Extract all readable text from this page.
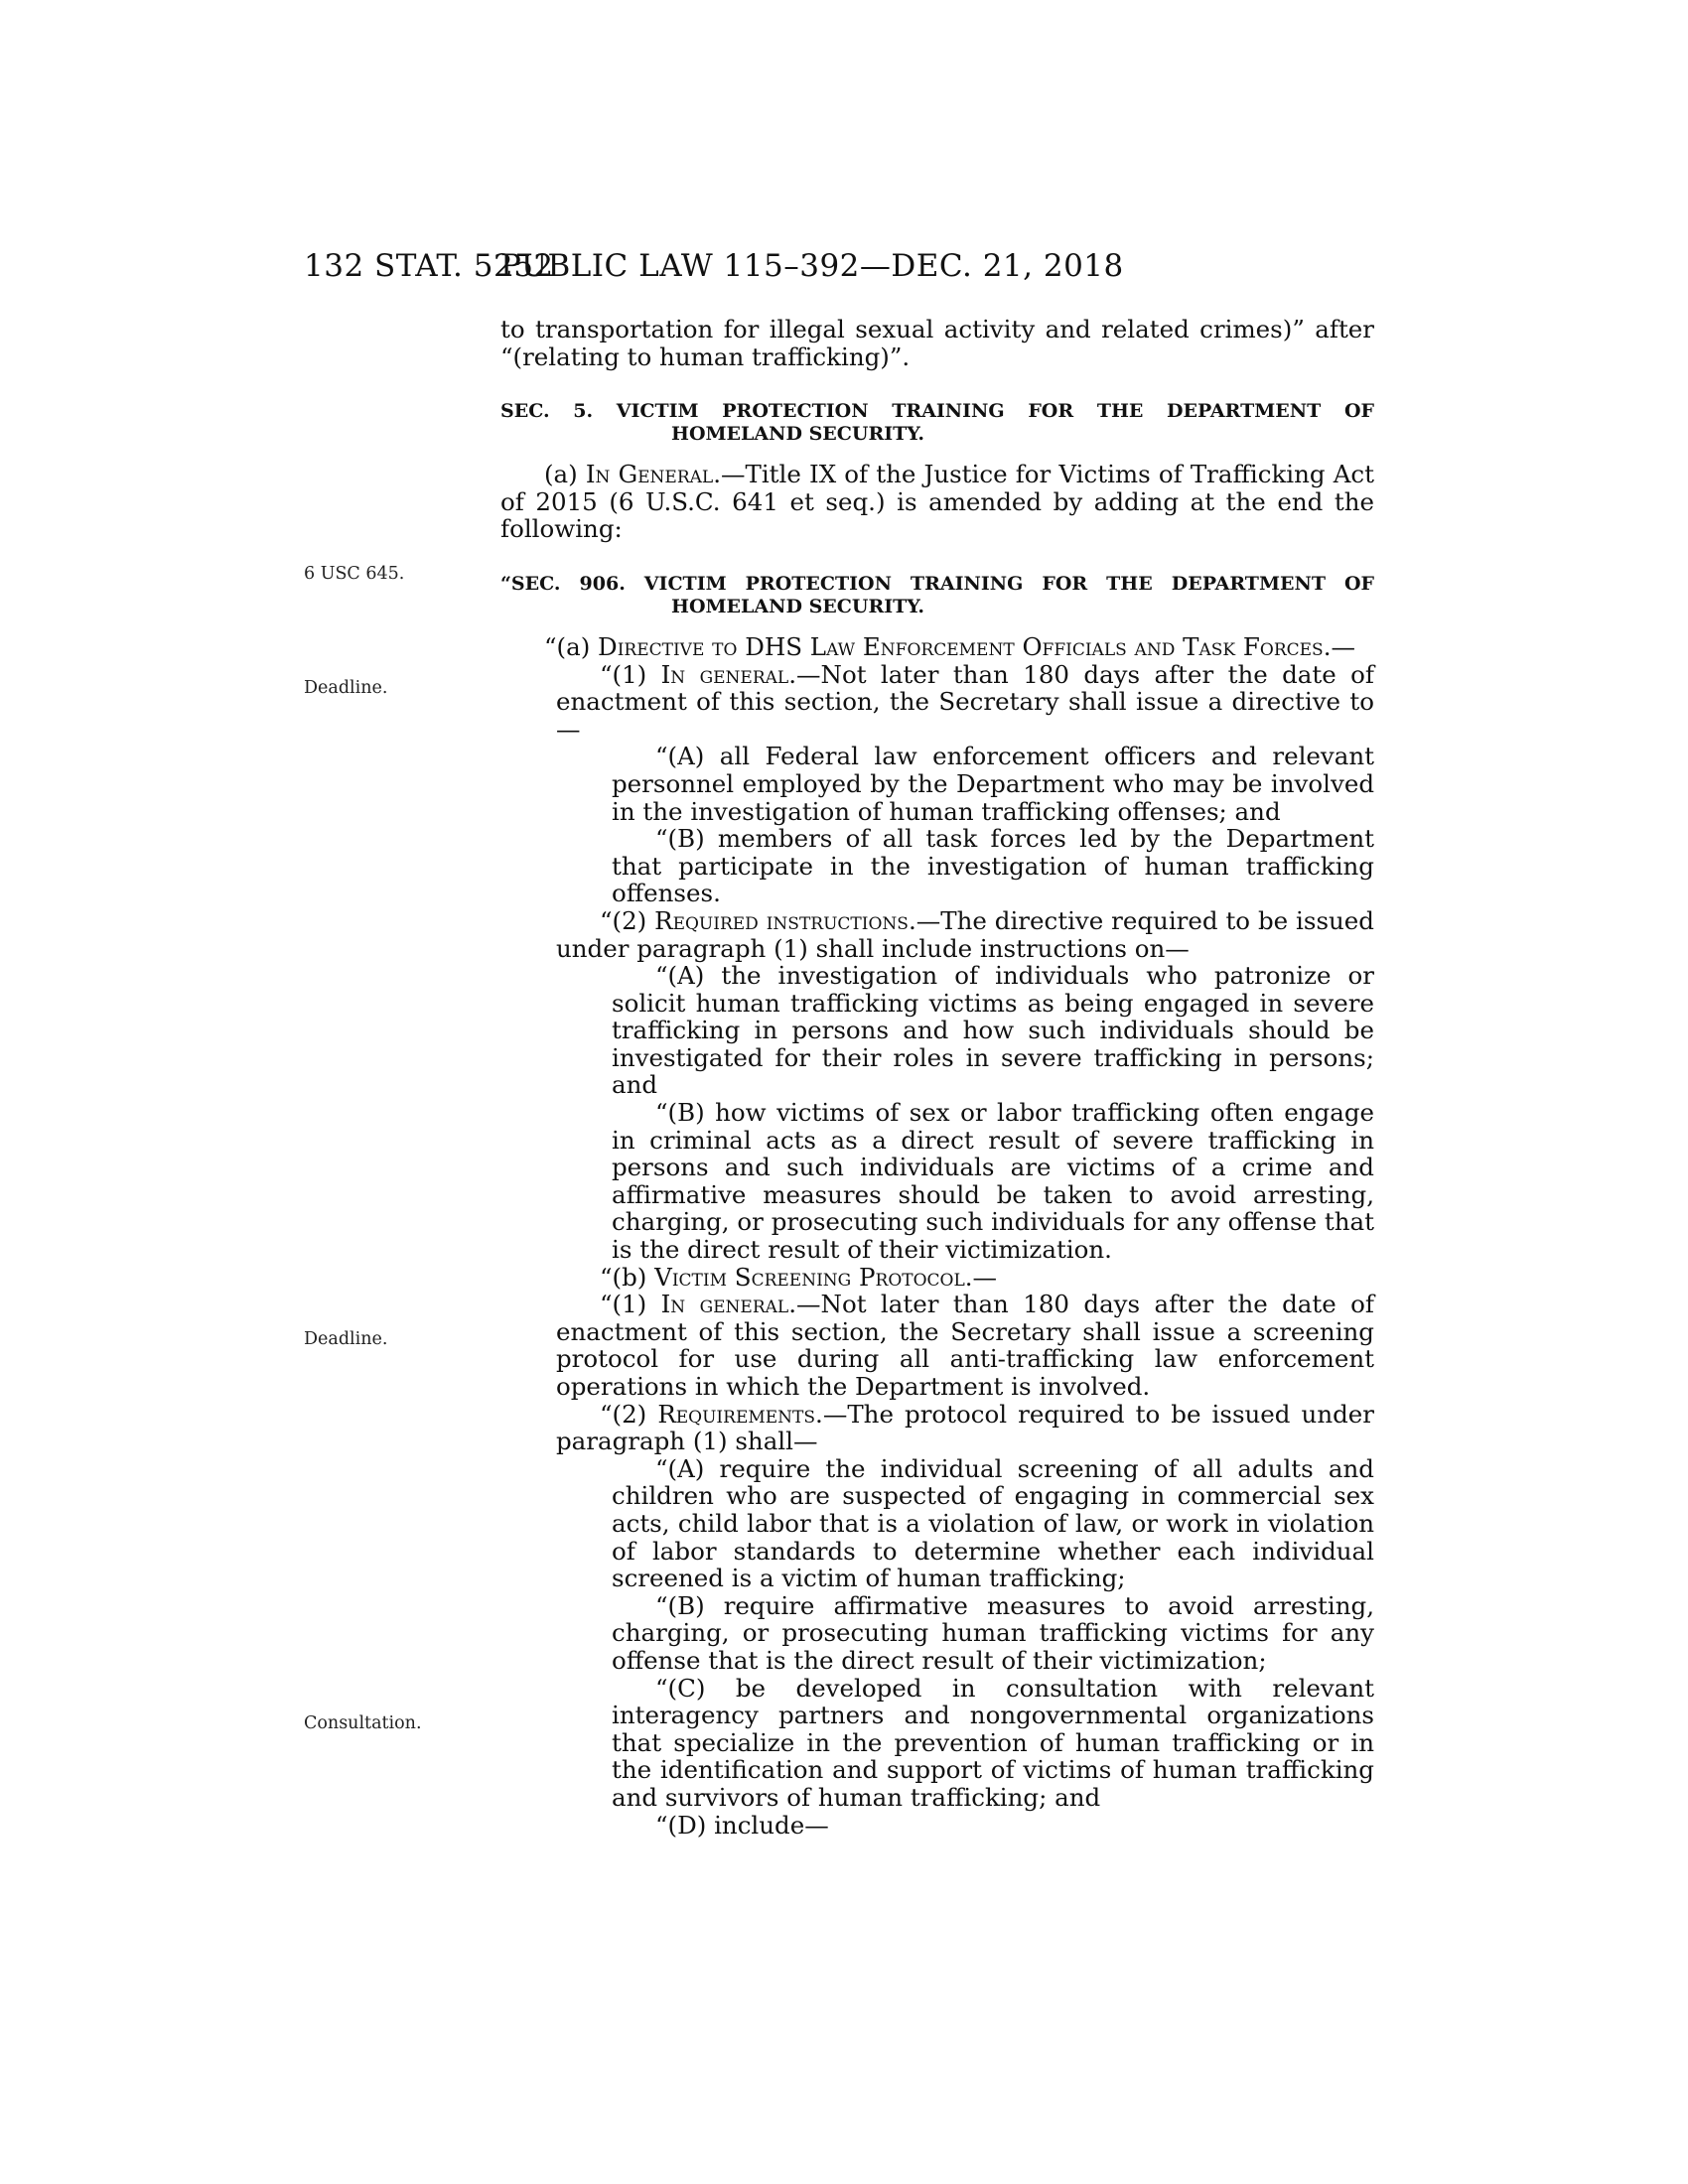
132 STAT. 5252
PUBLIC LAW 115–392—DEC. 21, 2018
6 USC 645.
Deadline.
Deadline.
Consultation.

to transportation for illegal sexual activity and related crimes)” after “(relating to human trafficking)”.

SEC. 5. VICTIM PROTECTION TRAINING FOR THE DEPARTMENT OF HOMELAND SECURITY.

(a) In General.—Title IX of the Justice for Victims of Trafficking Act of 2015 (6 U.S.C. 641 et seq.) is amended by adding at the end the following:

“SEC. 906. VICTIM PROTECTION TRAINING FOR THE DEPARTMENT OF HOMELAND SECURITY.

“(a) Directive to DHS Law Enforcement Officials and Task Forces.—

“(1) In general.—Not later than 180 days after the date of enactment of this section, the Secretary shall issue a directive to—

“(A) all Federal law enforcement officers and relevant personnel employed by the Department who may be involved in the investigation of human trafficking offenses; and

“(B) members of all task forces led by the Department that participate in the investigation of human trafficking offenses.

“(2) Required instructions.—The directive required to be issued under paragraph (1) shall include instructions on—

“(A) the investigation of individuals who patronize or solicit human trafficking victims as being engaged in severe trafficking in persons and how such individuals should be investigated for their roles in severe trafficking in persons; and

“(B) how victims of sex or labor trafficking often engage in criminal acts as a direct result of severe trafficking in persons and such individuals are victims of a crime and affirmative measures should be taken to avoid arresting, charging, or prosecuting such individuals for any offense that is the direct result of their victimization.

“(b) Victim Screening Protocol.—

“(1) In general.—Not later than 180 days after the date of enactment of this section, the Secretary shall issue a screening protocol for use during all anti-trafficking law enforcement operations in which the Department is involved.

“(2) Requirements.—The protocol required to be issued under paragraph (1) shall—

“(A) require the individual screening of all adults and children who are suspected of engaging in commercial sex acts, child labor that is a violation of law, or work in violation of labor standards to determine whether each individual screened is a victim of human trafficking;

“(B) require affirmative measures to avoid arresting, charging, or prosecuting human trafficking victims for any offense that is the direct result of their victimization;

“(C) be developed in consultation with relevant interagency partners and nongovernmental organizations that specialize in the prevention of human trafficking or in the identification and support of victims of human trafficking and survivors of human trafficking; and

“(D) include—
